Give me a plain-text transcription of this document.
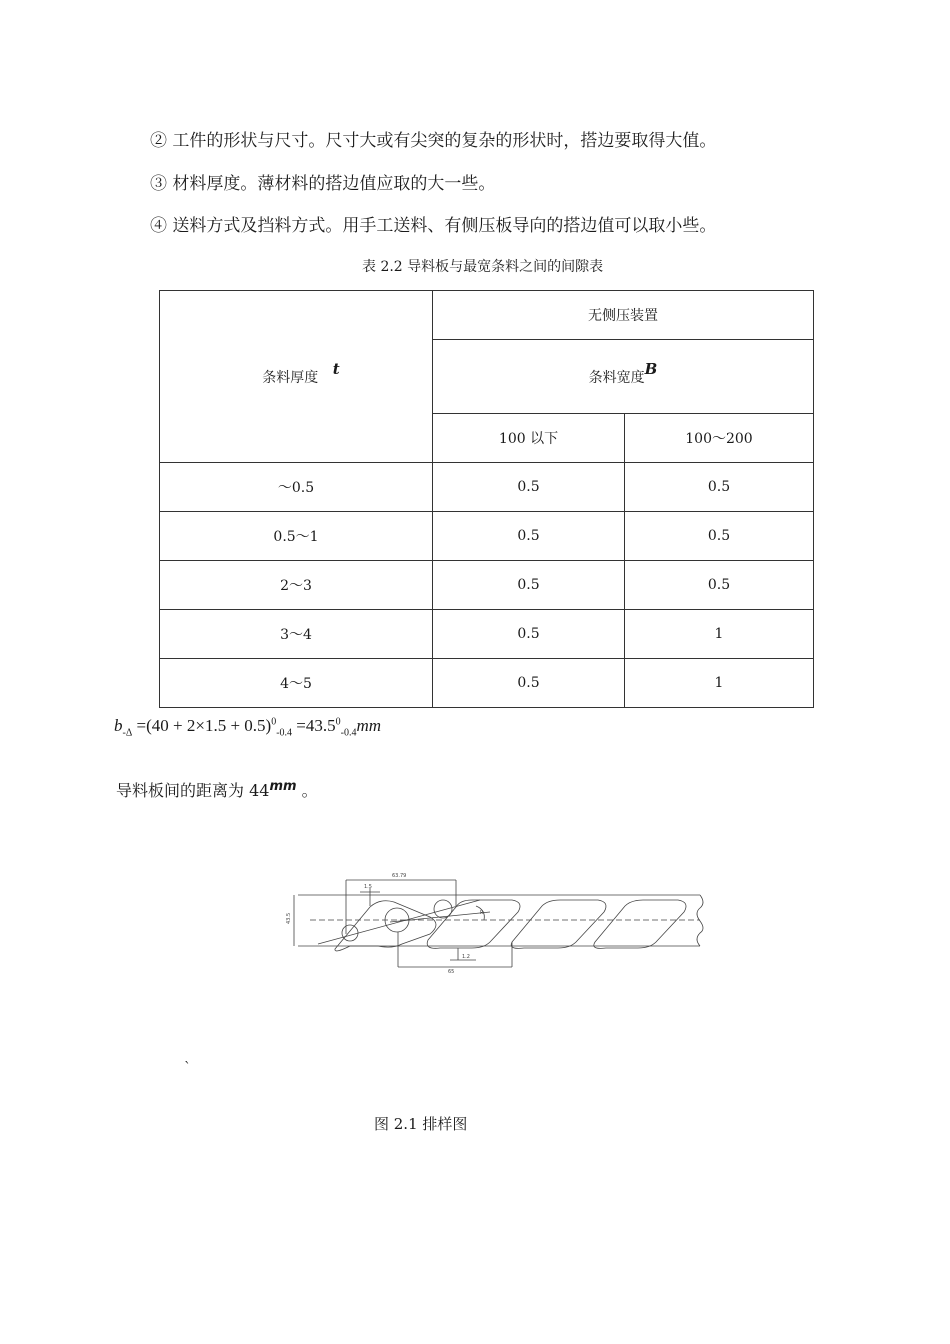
② 工件的形状与尺寸。尺寸大或有尖突的复杂的形状时，搭边要取得大值。
③ 材料厚度。薄材料的搭边值应取的大一些。
④ 送料方式及挡料方式。用手工送料、有侧压板导向的搭边值可以取小些。
表 2.2 导料板与最宽条料之间的间隙表
条料厚度 t	无侧压装置	
	条料宽度B	
	100 以下	100～200
～0.5	0.5	0.5
0.5～1	0.5	0.5
2～3	0.5	0.5
3～4	0.5	1
4～5	0.5	1
$b_{-\Delta} =(40 + 2\times 1.5 + 0.5)^0_{-0.4} =43.5^0_{-0.4}mm$
导料板间的距离为 $44^{mm}$ 。
63.79
1.5
43.5
65
1.2
R
`
图 2.1 排样图
